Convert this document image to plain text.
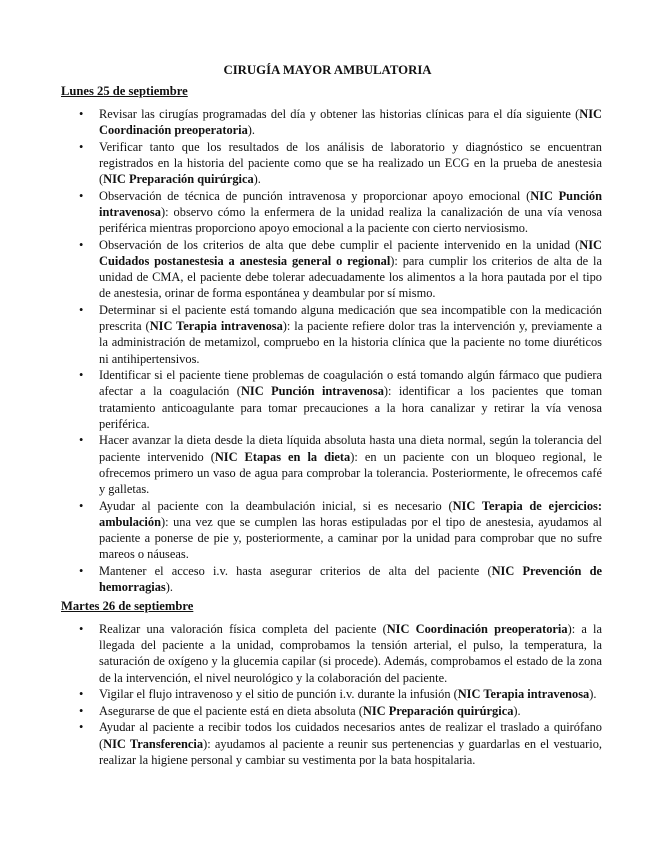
CIRUGÍA MAYOR AMBULATORIA
Lunes 25 de septiembre
• Revisar las cirugías programadas del día y obtener las historias clínicas para el día siguiente (NIC Coordinación preoperatoria).
• Verificar tanto que los resultados de los análisis de laboratorio y diagnóstico se encuentran registrados en la historia del paciente como que se ha realizado un ECG en la prueba de anestesia (NIC Preparación quirúrgica).
• Observación de técnica de punción intravenosa y proporcionar apoyo emocional (NIC Punción intravenosa): observo cómo la enfermera de la unidad realiza la canalización de una vía venosa periférica mientras proporciono apoyo emocional a la paciente con cierto nerviosismo.
• Observación de los criterios de alta que debe cumplir el paciente intervenido en la unidad (NIC Cuidados postanestesia a anestesia general o regional): para cumplir los criterios de alta de la unidad de CMA, el paciente debe tolerar adecuadamente los alimentos a la hora pautada por el tipo de anestesia, orinar de forma espontánea y deambular por sí mismo.
• Determinar si el paciente está tomando alguna medicación que sea incompatible con la medicación prescrita (NIC Terapia intravenosa): la paciente refiere dolor tras la intervención y, previamente a la administración de metamizol, compruebo en la historia clínica que la paciente no tome diuréticos ni antihipertensivos.
• Identificar si el paciente tiene problemas de coagulación o está tomando algún fármaco que pudiera afectar a la coagulación (NIC Punción intravenosa): identificar a los pacientes que toman tratamiento anticoagulante para tomar precauciones a la hora canalizar y retirar la vía venosa periférica.
• Hacer avanzar la dieta desde la dieta líquida absoluta hasta una dieta normal, según la tolerancia del paciente intervenido (NIC Etapas en la dieta): en un paciente con un bloqueo regional, le ofrecemos primero un vaso de agua para comprobar la tolerancia. Posteriormente, le ofrecemos café y galletas.
• Ayudar al paciente con la deambulación inicial, si es necesario (NIC Terapia de ejercicios: ambulación): una vez que se cumplen las horas estipuladas por el tipo de anestesia, ayudamos al paciente a ponerse de pie y, posteriormente, a caminar por la unidad para comprobar que no sufre mareos o náuseas.
• Mantener el acceso i.v. hasta asegurar criterios de alta del paciente (NIC Prevención de hemorragias).
Martes 26 de septiembre
• Realizar una valoración física completa del paciente (NIC Coordinación preoperatoria): a la llegada del paciente a la unidad, comprobamos la tensión arterial, el pulso, la temperatura, la saturación de oxígeno y la glucemia capilar (si procede). Además, comprobamos el estado de la zona de la intervención, el nivel neurológico y la colaboración del paciente.
• Vigilar el flujo intravenoso y el sitio de punción i.v. durante la infusión (NIC Terapia intravenosa).
• Asegurarse de que el paciente está en dieta absoluta (NIC Preparación quirúrgica).
• Ayudar al paciente a recibir todos los cuidados necesarios antes de realizar el traslado a quirófano (NIC Transferencia): ayudamos al paciente a reunir sus pertenencias y guardarlas en el vestuario, realizar la higiene personal y cambiar su vestimenta por la bata hospitalaria.
